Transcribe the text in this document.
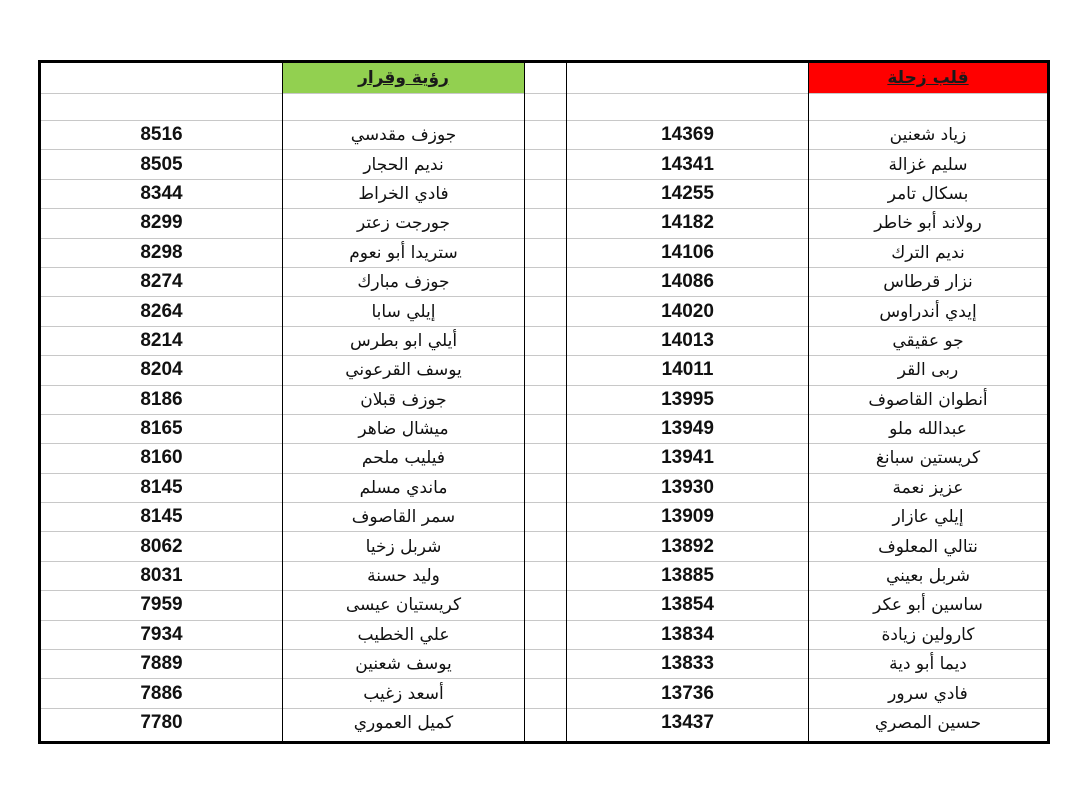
8516
8505
8344
8299
8298
8274
8264
8214
8204
8186
8165
8160
8145
8145
8062
8031
7959
7934
7889
7886
7780
رؤية وقرار
جوزف مقدسي
نديم الحجار
فادي الخراط
جورجت زعتر
ستريدا أبو نعوم
جوزف مبارك
إيلي سابا
أيلي ابو بطرس
يوسف القرعوني
جوزف قبلان
ميشال ضاهر
فيليب ملحم
ماندي مسلم
سمر القاصوف
شربل زخيا
وليد حسنة
كريستيان عيسى
علي الخطيب
يوسف شعنين
أسعد زغيب
كميل العموري
14369
14341
14255
14182
14106
14086
14020
14013
14011
13995
13949
13941
13930
13909
13892
13885
13854
13834
13833
13736
13437
قلب زحلة
زياد شعنين
سليم غزالة
بسكال تامر
رولاند أبو خاطر
نديم الترك
نزار قرطاس
إيدي أندراوس
جو عقيقي
ربى القر
أنطوان القاصوف
عبدالله ملو
كريستين سبانغ
عزيز نعمة
إيلي عازار
نتالي المعلوف
شربل بعيني
ساسين أبو عكر
كارولين زيادة
ديما أبو دية
فادي سرور
حسين المصري
